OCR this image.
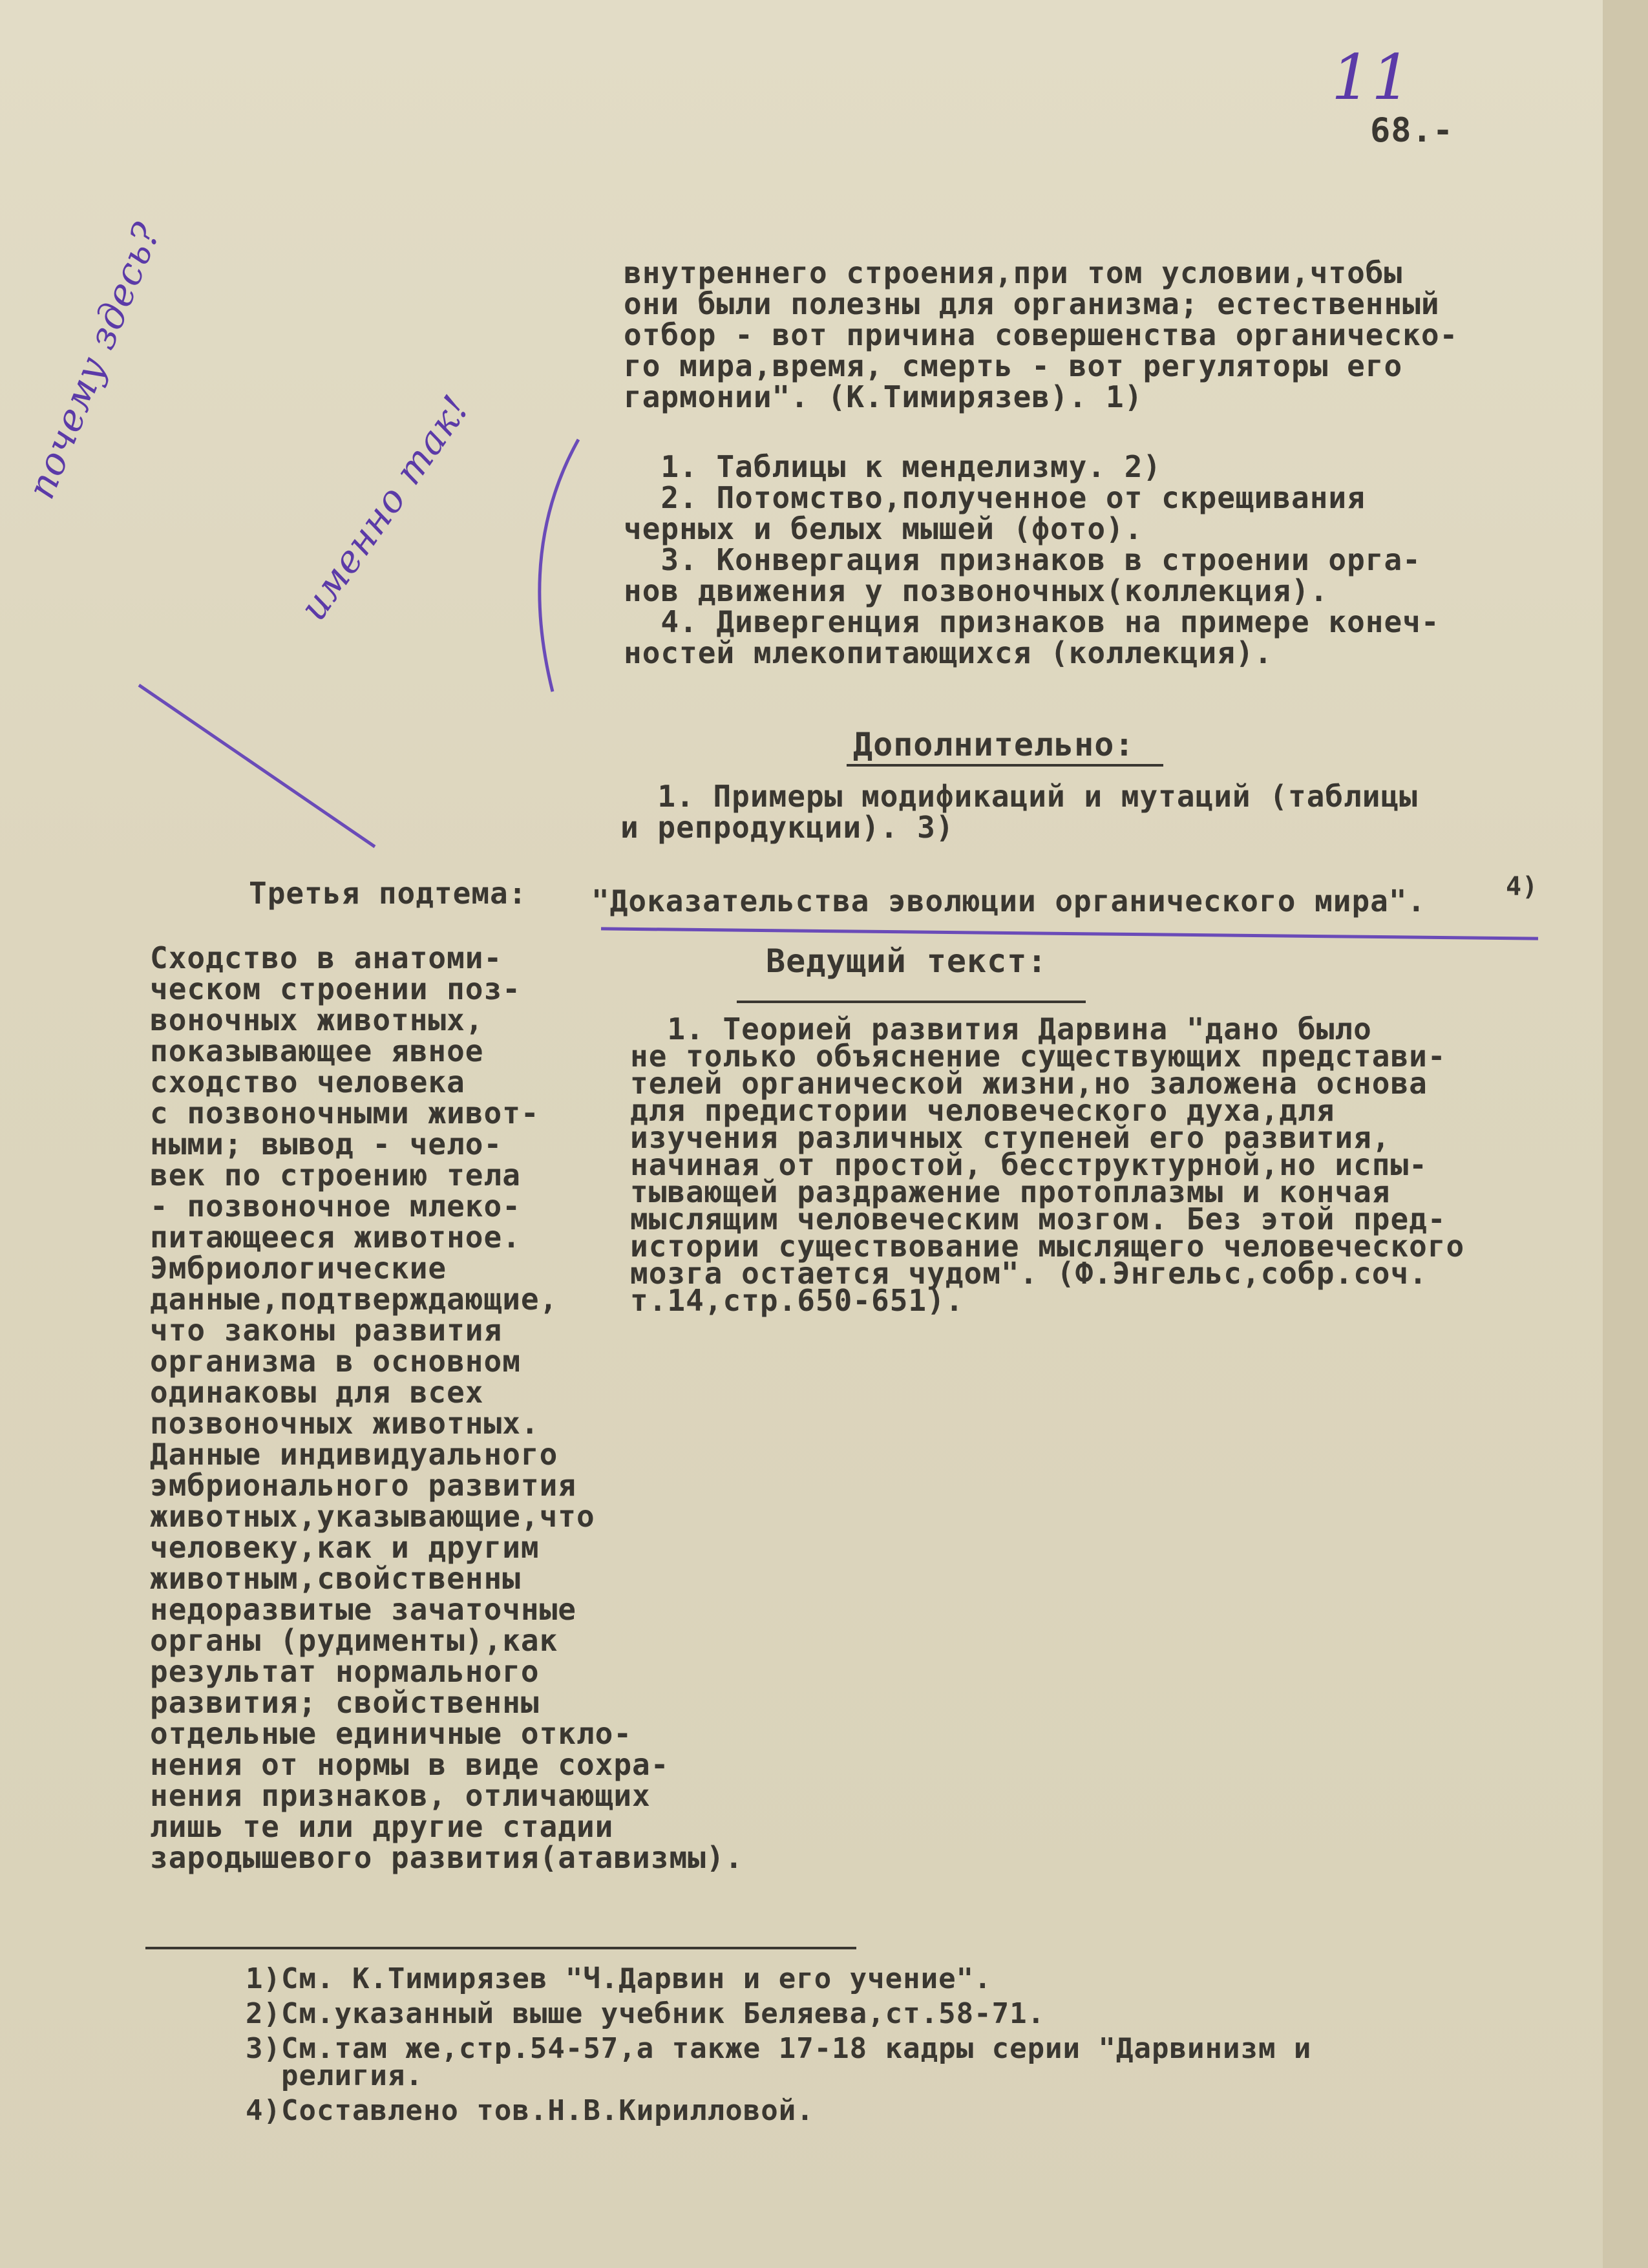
11
68.-
почему здесь?
именно так!
внутреннего строения,при том условии,чтобы
они были полезны для организма; естественный
отбор - вот причина совершенства органическо-
го мира,время, смерть - вот регуляторы его
гармонии". (К.Тимирязев). 1)
1. Таблицы к менделизму. 2)
2. Потомство,полученное от скрещивания
черных и белых мышей (фото).
3. Конвергация признаков в строении орга-
нов движения у позвоночных(коллекция).
4. Дивергенция признаков на примере конеч-
ностей млекопитающихся (коллекция).
Дополнительно:
1. Примеры модификаций и мутаций (таблицы
и репродукции). 3)
Третья подтема: "Доказательства эволюции органического мира".	4)
Сходство в анатоми-
ческом строении поз-
воночных животных,
показывающее явное
сходство человека
с позвоночными живот-
ными; вывод - чело-
век по строению тела
- позвоночное млеко-
питающееся животное.
Эмбриологические
данные,подтверждающие,
что законы развития
организма в основном
одинаковы для всех
позвоночных животных.
Данные индивидуального
эмбрионального развития
животных,указывающие,что
человеку,как и другим
животным,свойственны
недоразвитые зачаточные
органы (рудименты),как
результат нормального
развития; свойственны
отдельные единичные откло-
нения от нормы в виде сохра-
нения признаков, отличающих
лишь те или другие стадии
зародышевого развития(атавизмы).
Ведущий текст:
1. Теорией развития Дарвина "дано было
не только объяснение существующих предстaви-
телей органической жизни,но заложена основа
для предистории человеческого духа,для
изучения различных ступеней его развития,
начиная от простой, бесструктурной,но испы-
тывающей раздражение протоплазмы и кончая
мыслящим человеческим мозгом. Без этой пред-
истории существование мыслящего человеческого
мозга остается чудом". (Ф.Энгельс,собр.соч.
т.14,стр.650-651).
1)См. К.Тимирязев "Ч.Дарвин и его учение".
2)См.указанный выше учебник Беляева,ст.58-71.
3)См.там же,стр.54-57,а также 17-18 кадры серии "Дарвинизм и
религия.
4)Составлено тов.Н.В.Кирилловой.
